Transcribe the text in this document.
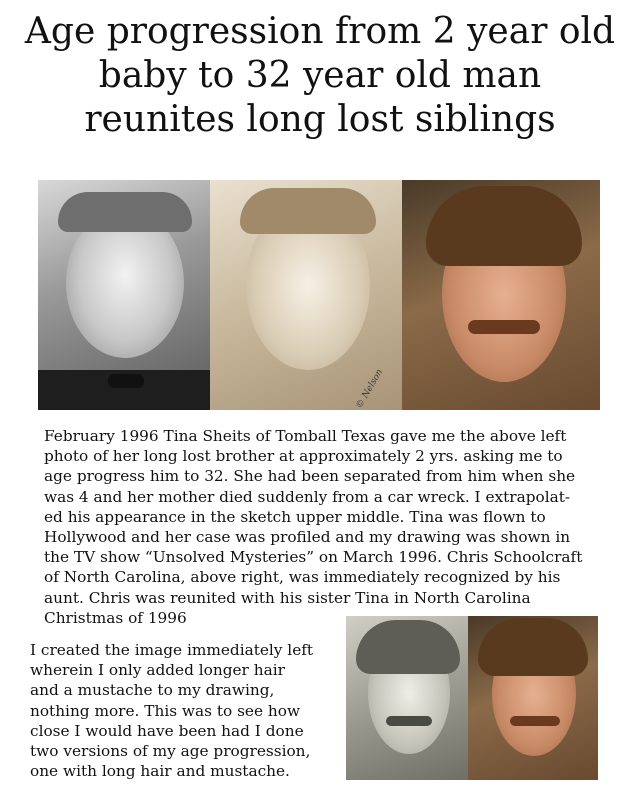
Age progression from 2 year old
baby to 32 year old man
reunites long lost siblings
© Nelson
February 1996 Tina Sheits of Tomball Texas gave me the above left
photo of her long lost brother at approximately 2 yrs. asking me to
age progress him to 32. She had been separated from him when she
was 4 and her mother died suddenly from a car wreck. I extrapolat-
ed his appearance in the sketch upper middle. Tina was flown to
Hollywood and her case was profiled and my drawing was shown in
the TV show “Unsolved Mysteries” on March 1996. Chris Schoolcraft
of North Carolina, above right, was immediately recognized by his
aunt. Chris was reunited with his sister Tina in North Carolina
Christmas of 1996
I created the image immediately left
wherein I only added longer hair
and a mustache to my drawing,
nothing more. This was to see how
close I would have been had I done
two versions of my age progression,
one with long hair and mustache.
